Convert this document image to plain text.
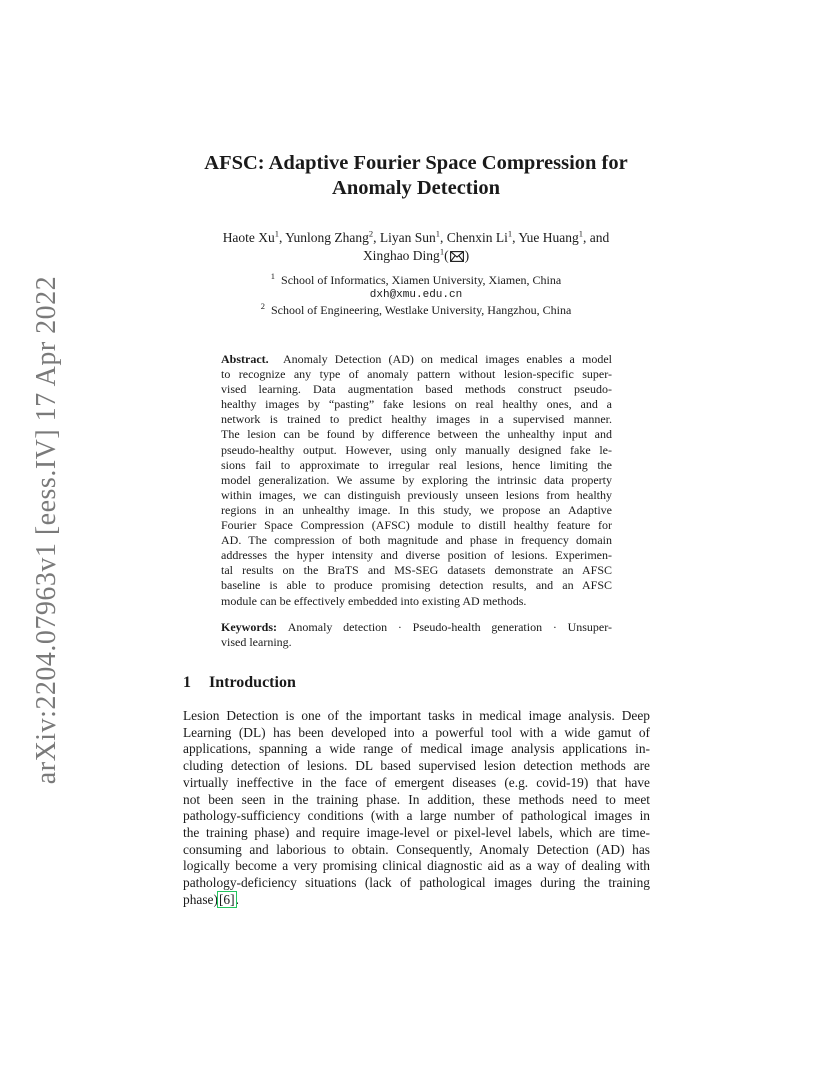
arXiv:2204.07963v1 [eess.IV] 17 Apr 2022
AFSC: Adaptive Fourier Space Compression for
Anomaly Detection
Haote Xu$^1$, Yunlong Zhang$^2$, Liyan Sun$^1$, Chenxin Li$^1$, Yue Huang$^1$, and
Xinghao Ding$^1$( )
$^1$ School of Informatics, Xiamen University, Xiamen, China
dxh@xmu.edu.cn
$^2$ School of Engineering, Westlake University, Hangzhou, China
Abstract. Anomaly Detection (AD) on medical images enables a model
to recognize any type of anomaly pattern without lesion-specific super-
vised learning. Data augmentation based methods construct pseudo-
healthy images by “pasting” fake lesions on real healthy ones, and a
network is trained to predict healthy images in a supervised manner.
The lesion can be found by difference between the unhealthy input and
pseudo-healthy output. However, using only manually designed fake le-
sions fail to approximate to irregular real lesions, hence limiting the
model generalization. We assume by exploring the intrinsic data property
within images, we can distinguish previously unseen lesions from healthy
regions in an unhealthy image. In this study, we propose an Adaptive
Fourier Space Compression (AFSC) module to distill healthy feature for
AD. The compression of both magnitude and phase in frequency domain
addresses the hyper intensity and diverse position of lesions. Experimen-
tal results on the BraTS and MS-SEG datasets demonstrate an AFSC
baseline is able to produce promising detection results, and an AFSC
module can be effectively embedded into existing AD methods.
Keywords: Anomaly detection · Pseudo-health generation · Unsuper-
vised learning.
1 Introduction
Lesion Detection is one of the important tasks in medical image analysis. Deep
Learning (DL) has been developed into a powerful tool with a wide gamut of
applications, spanning a wide range of medical image analysis applications in-
cluding detection of lesions. DL based supervised lesion detection methods are
virtually ineffective in the face of emergent diseases (e.g. covid-19) that have
not been seen in the training phase. In addition, these methods need to meet
pathology-sufficiency conditions (with a large number of pathological images in
the training phase) and require image-level or pixel-level labels, which are time-
consuming and laborious to obtain. Consequently, Anomaly Detection (AD) has
logically become a very promising clinical diagnostic aid as a way of dealing with
pathology-deficiency situations (lack of pathological images during the training
phase)[6].
